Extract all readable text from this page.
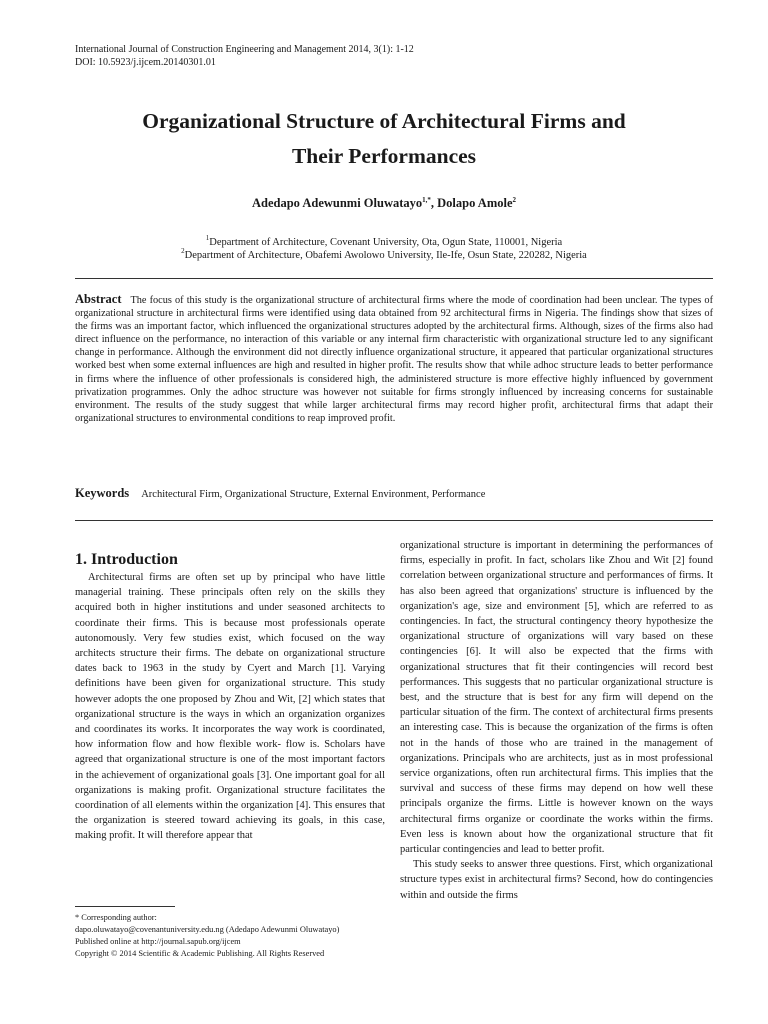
International Journal of Construction Engineering and Management 2014, 3(1): 1-12
DOI: 10.5923/j.ijcem.20140301.01
Organizational Structure of Architectural Firms and
Their Performances
Adedapo Adewunmi Oluwatayo$^{1,*}$, Dolapo Amole$^2$
$^1$Department of Architecture, Covenant University, Ota, Ogun State, 110001, Nigeria
$^2$Department of Architecture, Obafemi Awolowo University, Ile-Ife, Osun State, 220282, Nigeria
Abstract The focus of this study is the organizational structure of architectural firms where the mode of coordination had been unclear. The types of organizational structure in architectural firms were identified using data obtained from 92 architectural firms in Nigeria. The findings show that sizes of the firms was an important factor, which influenced the organizational structures adopted by the architectural firms. Although, sizes of the firms also had direct influence on the performance, no interaction of this variable or any internal firm characteristic with organizational structure led to any significant change in performance. Although the environment did not directly influence organizational structure, it appeared that particular organizational structures worked best when some external influences are high and resulted in higher profit. The results show that while adhoc structure leads to better performance in firms where the influence of other professionals is considered high, the administered structure is more effective highly influenced by government privatization programmes. Only the adhoc structure was however not suitable for firms strongly influenced by increasing concerns for sustainable environment. The results of the study suggest that while larger architectural firms may record higher profit, architectural firms that adapt their organizational structures to environmental conditions to reap improved profit.
Keywords Architectural Firm, Organizational Structure, External Environment, Performance

1. Introduction

Architectural firms are often set up by principal who have little managerial training. These principals often rely on the skills they acquired both in higher institutions and under seasoned architects to coordinate their firms. This is because most professionals operate autonomously. Very few studies exist, which focused on the way architects structure their firms. The debate on organizational structure dates back to 1963 in the study by Cyert and March [1]. Varying definitions have been given for organizational structure. This study however adopts the one proposed by Zhou and Wit, [2] which states that organizational structure is the ways in which an organization organizes and coordinates its works. It incorporates the way work is coordinated, how information flow and how flexible work- flow is. Scholars have agreed that organizational structure is one of the most important factors in the achievement of organizational goals [3]. One important goal for all organizations is making profit. Organizational structure facilitates the coordination of all elements within the organization [4]. This ensures that the organization is steered toward achieving its goals, in this case, making profit. It will therefore appear that

organizational structure is important in determining the performances of firms, especially in profit. In fact, scholars like Zhou and Wit [2] found correlation between organizational structure and performances of firms. It has also been agreed that organizations' structure is influenced by the organization's age, size and environment [5], which are referred to as contingencies. In fact, the structural contingency theory hypothesize the organizational structure of organizations will vary based on these contingencies [6]. It will also be expected that the firms with organizational structures that fit their contingencies will record best performances. This suggests that no particular organizational structure is best, and the structure that is best for any firm will depend on the particular situation of the firm. The context of architectural firms presents an interesting case. This is because the organization of the firms is often not in the hands of those who are trained in the management of organizations. Principals who are architects, just as in most professional service organizations, often run architectural firms. This implies that the survival and success of these firms may depend on how well these principals organize the firms. Little is however known on the ways architectural firms organize or coordinate the works within the firms. Even less is known about how the organizational structure that fit particular contingencies and lead to better profit.

This study seeks to answer three questions. First, which organizational structure types exist in architectural firms? Second, how do contingencies within and outside the firms

* Corresponding author:
dapo.oluwatayo@covenantuniversity.edu.ng (Adedapo Adewunmi Oluwatayo)
Published online at http://journal.sapub.org/ijcem
Copyright © 2014 Scientific & Academic Publishing. All Rights Reserved
